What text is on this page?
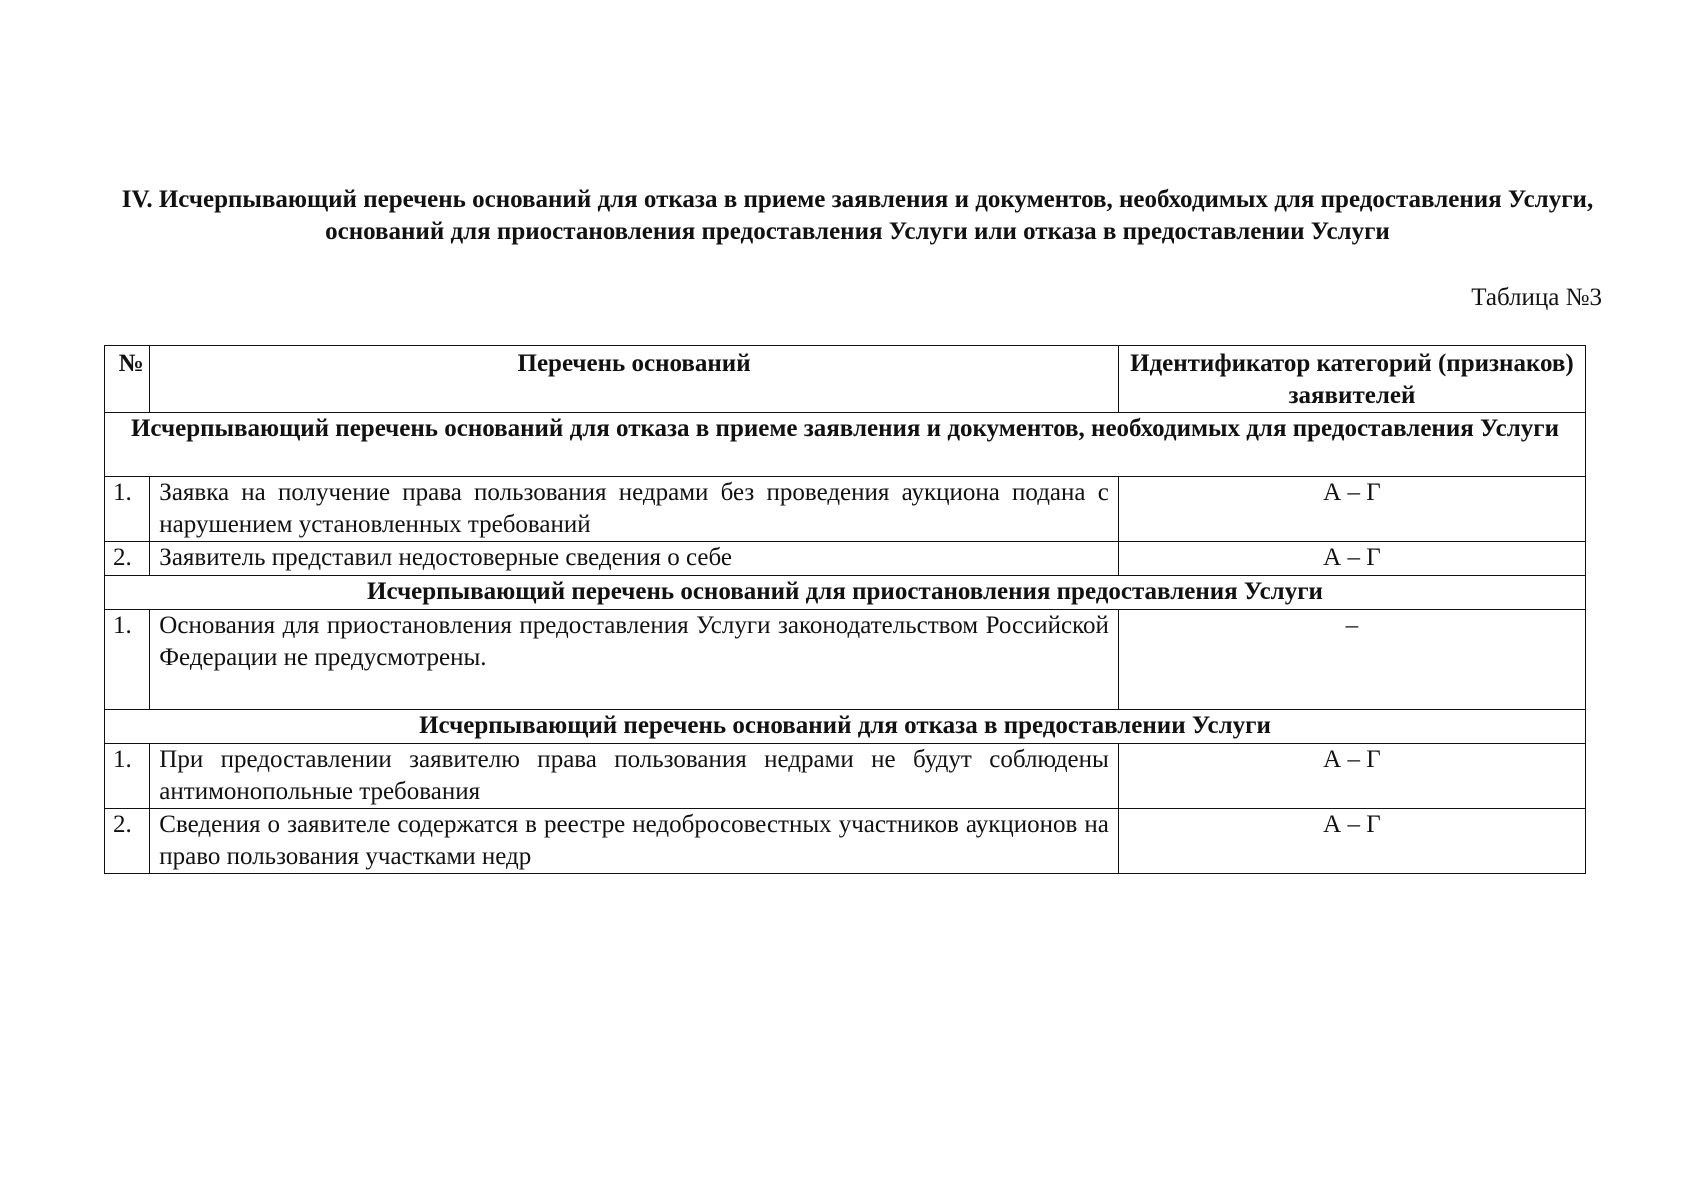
IV. Исчерпывающий перечень оснований для отказа в приеме заявления и документов, необходимых для предоставления Услуги, оснований для приостановления предоставления Услуги или отказа в предоставлении Услуги

Таблица №3

№	Перечень оснований	Идентификатор категорий (признаков) заявителей
Исчерпывающий перечень оснований для отказа в приеме заявления и документов, необходимых для предоставления Услуги		
1.	Заявка на получение права пользования недрами без проведения аукциона подана с нарушением установленных требований	А – Г
2.	Заявитель представил недостоверные сведения о себе	А – Г
Исчерпывающий перечень оснований для приостановления предоставления Услуги		
1.	Основания для приостановления предоставления Услуги законодательством Российской Федерации не предусмотрены.	–
Исчерпывающий перечень оснований для отказа в предоставлении Услуги		
1.	При предоставлении заявителю права пользования недрами не будут соблюдены антимонопольные требования	А – Г
2.	Сведения о заявителе содержатся в реестре недобросовестных участников аукционов на право пользования участками недр	А – Г
